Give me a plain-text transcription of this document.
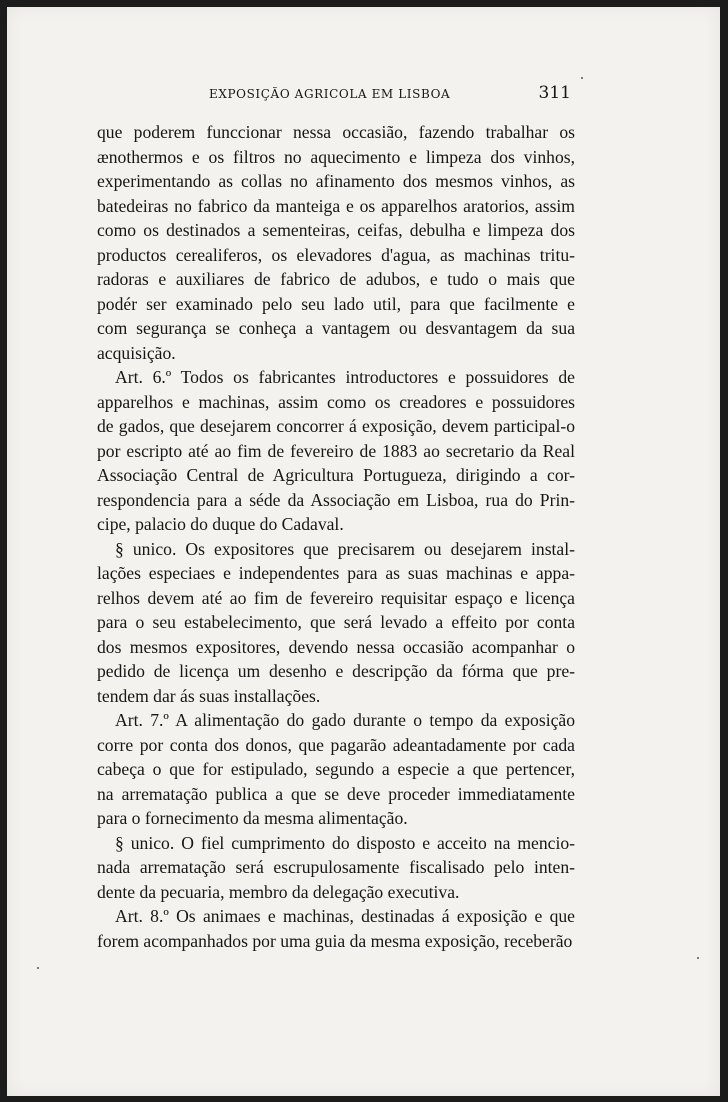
EXPOSIÇÃO AGRICOLA EM LISBOA	311
que poderem funccionar nessa occasião, fazendo trabalhar os
ænothermos e os filtros no aquecimento e limpeza dos vinhos,
experimentando as collas no afinamento dos mesmos vinhos, as
batedeiras no fabrico da manteiga e os apparelhos aratorios, assim
como os destinados a sementeiras, ceifas, debulha e limpeza dos
productos cerealiferos, os elevadores d'agua, as machinas tritu-
radoras e auxiliares de fabrico de adubos, e tudo o mais que
podér ser examinado pelo seu lado util, para que facilmente e
com segurança se conheça a vantagem ou desvantagem da sua
acquisição.
Art. 6.º Todos os fabricantes introductores e possuidores de
apparelhos e machinas, assim como os creadores e possuidores
de gados, que desejarem concorrer á exposição, devem participal-o
por escripto até ao fim de fevereiro de 1883 ao secretario da Real
Associação Central de Agricultura Portugueza, dirigindo a cor-
respondencia para a séde da Associação em Lisboa, rua do Prin-
cipe, palacio do duque do Cadaval.
§ unico. Os expositores que precisarem ou desejarem instal-
lações especiaes e independentes para as suas machinas e appa-
relhos devem até ao fim de fevereiro requisitar espaço e licença
para o seu estabelecimento, que será levado a effeito por conta
dos mesmos expositores, devendo nessa occasião acompanhar o
pedido de licença um desenho e descripção da fórma que pre-
tendem dar ás suas installações.
Art. 7.º A alimentação do gado durante o tempo da exposição
corre por conta dos donos, que pagarão adeantadamente por cada
cabeça o que for estipulado, segundo a especie a que pertencer,
na arrematação publica a que se deve proceder immediatamente
para o fornecimento da mesma alimentação.
§ unico. O fiel cumprimento do disposto e acceito na mencio-
nada arrematação será escrupulosamente fiscalisado pelo inten-
dente da pecuaria, membro da delegação executiva.
Art. 8.º Os animaes e machinas, destinadas á exposição e que
forem acompanhados por uma guia da mesma exposição, receberão
